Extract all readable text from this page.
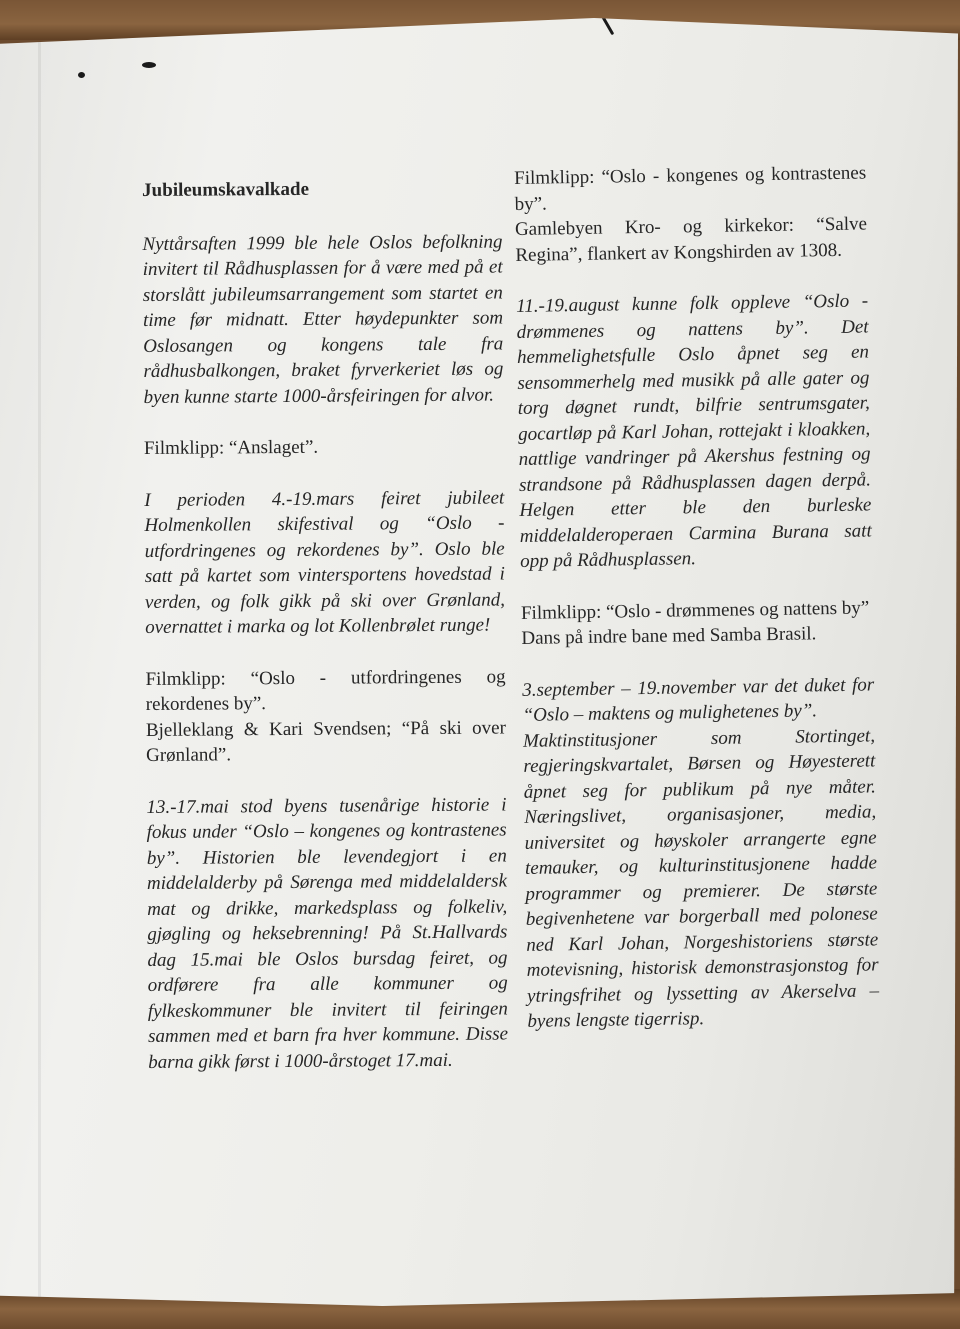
Jubileumskavalkade

Nyttårsaften 1999 ble hele Oslos befolkning invitert til Rådhusplassen for å være med på et storslått jubileumsarrangement som startet en time før midnatt. Etter høydepunkter som Oslosangen og kongens tale fra rådhusbalkongen, braket fyrverkeriet løs og byen kunne starte 1000-årsfeiringen for alvor.

Filmklipp: “Anslaget”.

I perioden 4.-19.mars feiret jubileet Holmenkollen skifestival og “Oslo - utfordringenes og rekordenes by”. Oslo ble satt på kartet som vintersportens hovedstad i verden, og folk gikk på ski over Grønland, overnattet i marka og lot Kollenbrølet runge!

Filmklipp: “Oslo - utfordringenes og rekordenes by”.

Bjelleklang & Kari Svendsen; “På ski over Grønland”.

13.-17.mai stod byens tusenårige historie i fokus under “Oslo – kongenes og kontrastenes by”. Historien ble levendegjort i en middelalderby på Sørenga med middelaldersk mat og drikke, markedsplass og folkeliv, gjøgling og heksebrenning! På St.Hallvards dag 15.mai ble Oslos bursdag feiret, og ordførere fra alle kommuner og fylkeskommuner ble invitert til feiringen sammen med et barn fra hver kommune. Disse barna gikk først i 1000-årstoget 17.mai.

Filmklipp: “Oslo - kongenes og kontrastenes by”.

Gamlebyen Kro- og kirkekor: “Salve Regina”, flankert av Kongshirden av 1308.

11.-19.august kunne folk oppleve “Oslo - drømmenes og nattens by”. Det hemmelighetsfulle Oslo åpnet seg en sensommerhelg med musikk på alle gater og torg døgnet rundt, bilfrie sentrumsgater, gocartløp på Karl Johan, rottejakt i kloakken, nattlige vandringer på Akershus festning og strandsone på Rådhusplassen dagen derpå. Helgen etter ble den burleske middelalderoperaen Carmina Burana satt opp på Rådhusplassen.

Filmklipp: “Oslo - drømmenes og nattens by”

Dans på indre bane med Samba Brasil.

3.september – 19.november var det duket for “Oslo – maktens og mulighetenes by”.

Maktinstitusjoner som Stortinget, regjeringskvartalet, Børsen og Høyesterett åpnet seg for publikum på nye måter. Næringslivet, organisasjoner, media, universitet og høyskoler arrangerte egne temauker, og kulturinstitusjonene hadde programmer og premierer. De største begivenhetene var borgerball med polonese ned Karl Johan, Norgeshistoriens største motevisning, historisk demonstrasjonstog for ytringsfrihet og lyssetting av Akerselva – byens lengste tigerrisp.
